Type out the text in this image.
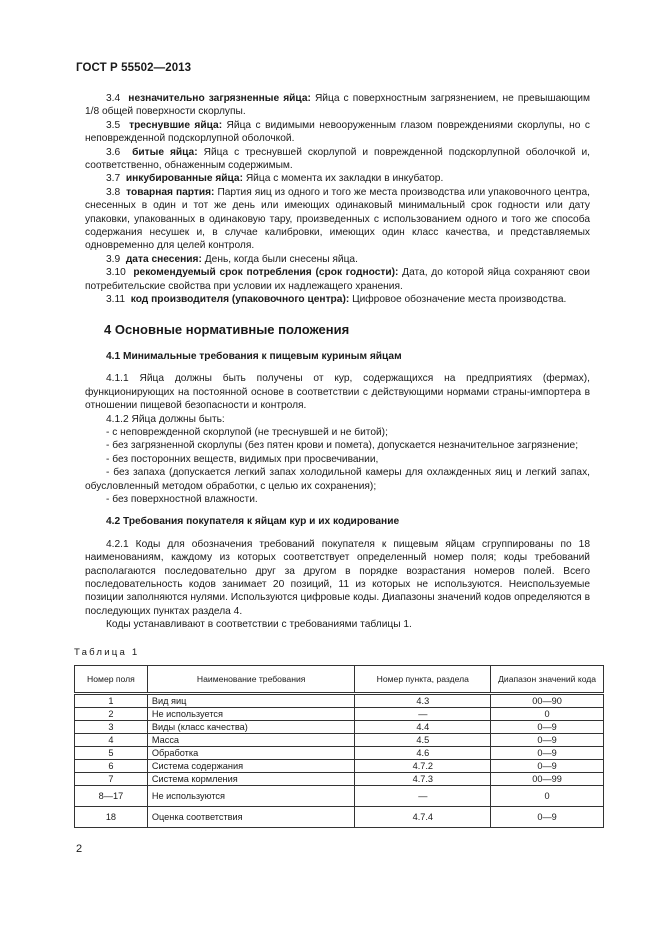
ГОСТ Р 55502—2013

3.4 незначительно загрязненные яйца: Яйца с поверхностным загрязнением, не превышающим 1/8 общей поверхности скорлупы.

3.5 треснувшие яйца: Яйца с видимыми невооруженным глазом повреждениями скорлупы, но с неповрежденной подскорлупной оболочкой.

3.6 битые яйца: Яйца с треснувшей скорлупой и поврежденной подскорлупной оболочкой и, соответственно, обнаженным содержимым.

3.7 инкубированные яйца: Яйца с момента их закладки в инкубатор.

3.8 товарная партия: Партия яиц из одного и того же места производства или упаковочного центра, снесенных в один и тот же день или имеющих одинаковый минимальный срок годности или дату упаковки, упакованных в одинаковую тару, произведенных с использованием одного и того же способа содержания несушек и, в случае калибровки, имеющих один класс качества, и представляемых одновременно для целей контроля.

3.9 дата снесения: День, когда были снесены яйца.

3.10 рекомендуемый срок потребления (срок годности): Дата, до которой яйца сохраняют свои потребительские свойства при условии их надлежащего хранения.

3.11 код производителя (упаковочного центра): Цифровое обозначение места производства.

4 Основные нормативные положения
4.1 Минимальные требования к пищевым куриным яйцам

4.1.1 Яйца должны быть получены от кур, содержащихся на предприятиях (фермах), функционирующих на постоянной основе в соответствии с действующими нормами страны-импортера в отношении пищевой безопасности и контроля.

4.1.2 Яйца должны быть:

- с неповрежденной скорлупой (не треснувшей и не битой);

- без загрязненной скорлупы (без пятен крови и помета), допускается незначительное загрязнение;

- без посторонних веществ, видимых при просвечивании,

- без запаха (допускается легкий запах холодильной камеры для охлажденных яиц и легкий запах, обусловленный методом обработки, с целью их сохранения);

- без поверхностной влажности.

4.2 Требования покупателя к яйцам кур и их кодирование

4.2.1 Коды для обозначения требований покупателя к пищевым яйцам сгруппированы по 18 наименованиям, каждому из которых соответствует определенный номер поля; коды требований располагаются последовательно друг за другом в порядке возрастания номеров полей. Всего последовательность кодов занимает 20 позиций, 11 из которых не используются. Неиспользуемые позиции заполняются нулями. Используются цифровые коды. Диапазоны значений кодов определяются в последующих пунктах раздела 4.

Коды устанавливают в соответствии с требованиями таблицы 1.

Таблица 1
Номер поля	Наименование требования	Номер пункта, раздела	Диапазон значений кода
1	Вид яиц	4.3	00—90
2	Не используется	—	0
3	Виды (класс качества)	4.4	0—9
4	Масса	4.5	0—9
5	Обработка	4.6	0—9
6	Система содержания	4.7.2	0—9
7	Система кормления	4.7.3	00—99
8—17	Не используются	—	0
18	Оценка соответствия	4.7.4	0—9
2
